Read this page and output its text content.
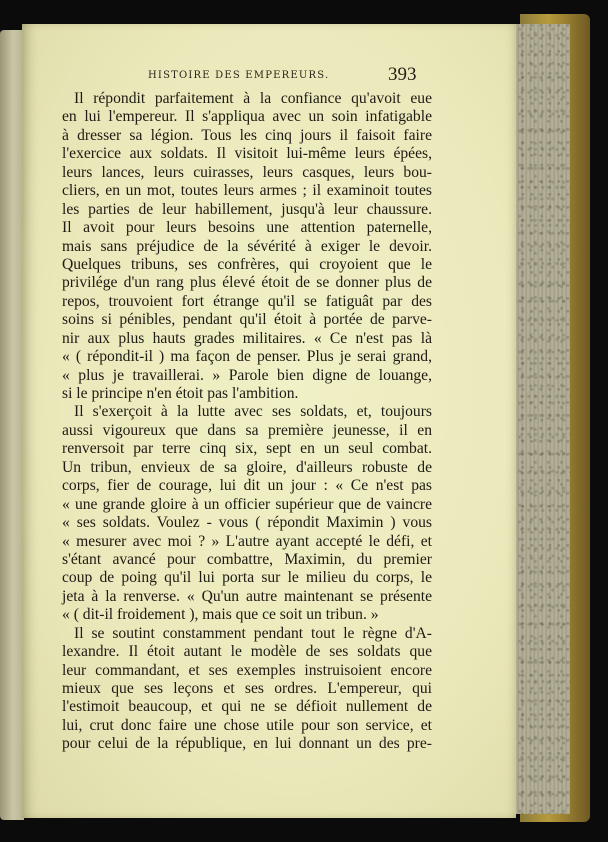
HISTOIRE DES EMPEREURS.	393
Il répondit parfaitement à la confiance qu'avoit eue
en lui l'empereur. Il s'appliqua avec un soin infatigable
à dresser sa légion. Tous les cinq jours il faisoit faire
l'exercice aux soldats. Il visitoit lui-même leurs épées,
leurs lances, leurs cuirasses, leurs casques, leurs bou-
cliers, en un mot, toutes leurs armes ; il examinoit toutes
les parties de leur habillement, jusqu'à leur chaussure.
Il avoit pour leurs besoins une attention paternelle,
mais sans préjudice de la sévérité à exiger le devoir.
Quelques tribuns, ses confrères, qui croyoient que le
privilége d'un rang plus élevé étoit de se donner plus de
repos, trouvoient fort étrange qu'il se fatiguât par des
soins si pénibles, pendant qu'il étoit à portée de parve-
nir aux plus hauts grades militaires. « Ce n'est pas là
« ( répondit-il ) ma façon de penser. Plus je serai grand,
« plus je travaillerai. » Parole bien digne de louange,
si le principe n'en étoit pas l'ambition.
Il s'exerçoit à la lutte avec ses soldats, et, toujours
aussi vigoureux que dans sa première jeunesse, il en
renversoit par terre cinq six, sept en un seul combat.
Un tribun, envieux de sa gloire, d'ailleurs robuste de
corps, fier de courage, lui dit un jour : « Ce n'est pas
« une grande gloire à un officier supérieur que de vaincre
« ses soldats. Voulez - vous ( répondit Maximin ) vous
« mesurer avec moi ? » L'autre ayant accepté le défi, et
s'étant avancé pour combattre, Maximin, du premier
coup de poing qu'il lui porta sur le milieu du corps, le
jeta à la renverse. « Qu'un autre maintenant se présente
« ( dit-il froidement ), mais que ce soit un tribun. »
Il se soutint constamment pendant tout le règne d'A-
lexandre. Il étoit autant le modèle de ses soldats que
leur commandant, et ses exemples instruisoient encore
mieux que ses leçons et ses ordres. L'empereur, qui
l'estimoit beaucoup, et qui ne se défioit nullement de
lui, crut donc faire une chose utile pour son service, et
pour celui de la république, en lui donnant un des pre-
